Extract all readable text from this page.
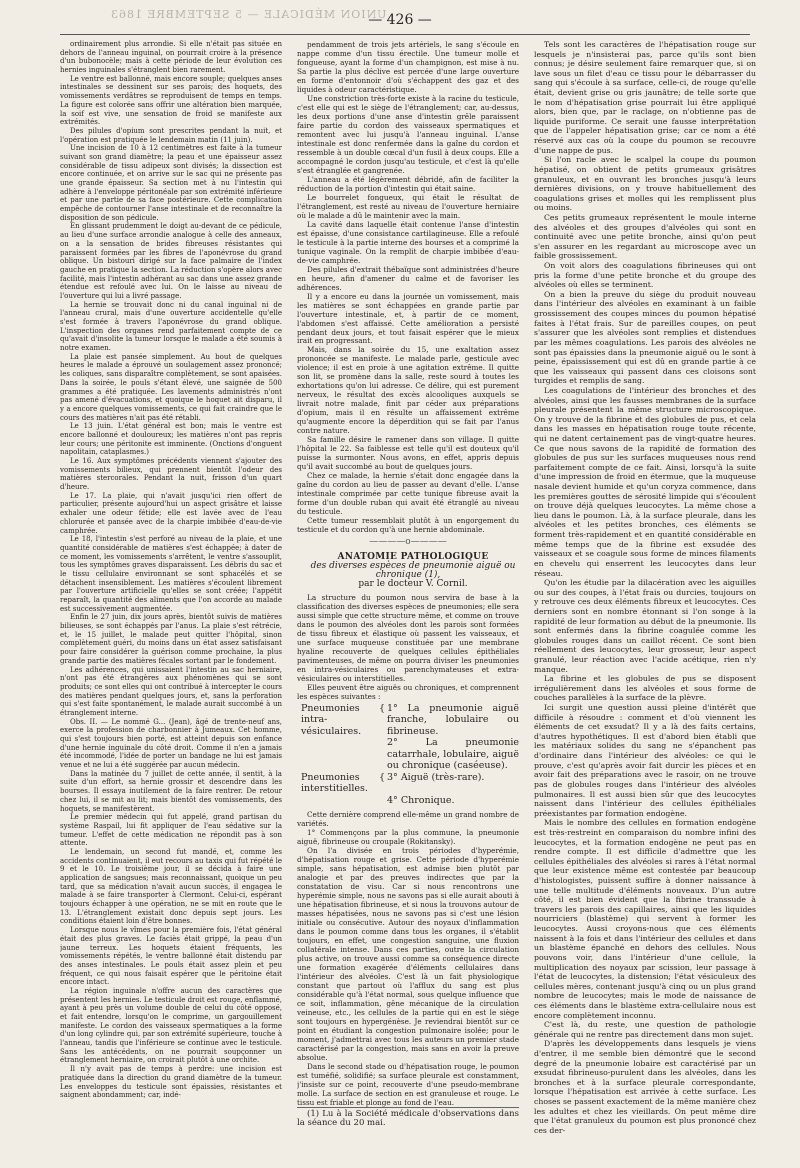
UNION MÉDICALE — 5 SEPTEMBRE 1863
— 426 —

ordinairement plus arrondie. Si elle n'était pas située en dehors de l'anneau inguinal, on pourrait croire à la présence d'un bubonocèle; mais à cette période de leur évolution ces hernies inguinales s'étranglent bien rarement.

Le ventre est ballonné, mais encore souple; quelques anses intestinales se dessinent sur ses parois; des hoquets, des vomissements verdâtres se reproduisent de temps en temps. La figure est colorée sans offrir une altération bien marquée, la soif est vive, une sensation de froid se manifeste aux extrémités.

Des pilules d'opium sont prescrites pendant la nuit, et l'opération est pratiquée le lendemain matin (11 juin).

Une incision de 10 à 12 centimètres est faite à la tumeur suivant son grand diamètre; la peau et une épaisseur assez considérable de tissu adipeux sont divisés; la dissection est encore continuée, et on arrive sur le sac qui ne présente pas une grande épaisseur. Sa section met à nu l'intestin qui adhère à l'enveloppe péritonéale par son extrémité inférieure et par une partie de sa face postérieure. Cette complication empêche de contourner l'anse intestinale et de reconnaître la disposition de son pédicule.

En glissant prudemment le doigt au-devant de ce pédicule, au lieu d'une surface arrondie analogue à celle des anneaux, on a la sensation de brides fibreuses résistantes qui paraissent formées par les fibres de l'aponévrose du grand oblique. Un bistouri dirigé sur la face palmaire de l'index gauche en pratique la section. La réduction s'opère alors avec facilité, mais l'intestin adhérant au sac dans une assez grande étendue est refoulé avec lui. On le laisse au niveau de l'ouverture qui lui a livré passage.

La hernie se trouvait donc ni du canal inguinal ni de l'anneau crural, mais d'une ouverture accidentelle qu'elle s'est formée à travers l'aponévrose du grand oblique. L'inspection des organes rend parfaitement compte de ce qu'avait d'insolite la tumeur lorsque le malade a été soumis à notre examen.

La plaie est pansée simplement. Au bout de quelques heures le malade a éprouvé un soulagement assez prononcé; les coliques, sans disparaître complètement, se sont apaisées. Dans la soirée, le pouls s'étant élevé, une saignée de 500 grammes a été pratiquée. Les lavements administrés n'ont pas amené d'évacuations, et quoique le hoquet ait disparu, il y a encore quelques vomissements, ce qui fait craindre que le cours des matières n'ait pas été rétabli.

Le 13 juin. L'état général est bon; mais le ventre est encore ballonné et douloureux; les matières n'ont pas repris leur cours; une péritonite est imminente. (Onctions d'onguent napolitain, cataplasmes.)

Le 16. Aux symptômes précédents viennent s'ajouter des vomissements bilieux, qui prennent bientôt l'odeur des matières stercorales. Pendant la nuit, frisson d'un quart d'heure.

Le 17. La plaie, qui n'avait jusqu'ici rien offert de particulier, présente aujourd'hui un aspect grisâtre et laisse exhaler une odeur fétide; elle est lavée avec de l'eau chlorurée et pansée avec de la charpie imbibée d'eau-de-vie camphrée.

Le 18, l'intestin s'est perforé au niveau de la plaie, et une quantité considérable de matières s'est échappée; à dater de ce moment, les vomissements s'arrêtent, le ventre s'assouplit, tous les symptômes graves disparaissent. Les débris du sac et le tissu cellulaire environnant se sont sphacélés et se détachent insensiblement. Les matières s'écoulent librement par l'ouverture artificielle qu'elles se sont créée; l'appétit reparaît, la quantité des aliments que l'on accorde au malade est successivement augmentée.

Enfin le 27 juin, dix jours après, bientôt suivis de matières bilieuses, se sont échappés par l'anus. La plaie s'est rétrécie, et, le 15 juillet, le malade peut quitter l'hôpital, sinon complètement guéri, du moins dans un état assez satisfaisant pour faire considérer la guérison comme prochaine, la plus grande partie des matières fécales sortant par le fondement.

Les adhérences, qui unissaient l'intestin au sac herniaire, n'ont pas été étrangères aux phénomènes qui se sont produits; ce sont elles qui ont contribué à intercepter le cours des matières pendant quelques jours, et, sans la perforation qui s'est faite spontanément, le malade aurait succombé à un étranglement interne.

Obs. II. — Le nommé G... (Jean), âgé de trente-neuf ans, exerce la profession de charbonnier à Jumeaux. Cet homme, qui s'est toujours bien porté, est atteint depuis son enfance d'une hernie inguinale du côté droit. Comme il n'en a jamais été incommodé, l'idée de porter un bandage ne lui est jamais venue et ne lui a été suggérée par aucun médecin.

Dans la matinée du 7 juillet de cette année, il sentit, à la suite d'un effort, sa hernie grossir et descendre dans les bourses. Il essaya inutilement de la faire rentrer. De retour chez lui, il se mit au lit; mais bientôt des vomissements, des hoquets, se manifestèrent.

Le premier médecin qui fut appelé, grand partisan du système Raspail, lui fit appliquer de l'eau sédative sur la tumeur. L'effet de cette médication ne répondit pas à son attente.

Le lendemain, un second fut mandé, et, comme les accidents continuaient, il eut recours au taxis qui fut répété le 9 et le 10. Le troisième jour, il se décida à faire une application de sangsues; mais reconnaissant, quoique un peu tard, que sa médication n'avait aucun succès, il engagea le malade à se faire transporter à Clermont. Celui-ci, espérant toujours échapper à une opération, ne se mit en route que le 13. L'étranglement existait donc depuis sept jours. Les conditions étaient loin d'être bonnes.

Lorsque nous le vîmes pour la première fois, l'état général était des plus graves. Le faciès était grippé, la peau d'un jaune terreux. Les hoquets étaient fréquents, les vomissements répétés, le ventre ballonné était distendu par des anses intestinales. Le pouls était assez plein et peu fréquent, ce qui nous faisait espérer que le péritoine était encore intact.

La région inguinale n'offre aucun des caractères que présentent les hernies. Le testicule droit est rouge, enflammé, ayant à peu près un volume double de celui du côté opposé, et fait entendre, lorsqu'on le comprime, un gargouillement manifeste. Le cordon des vaisseaux spermatiques a la forme d'un long cylindre qui, par son extrémité supérieure, touche à l'anneau, tandis que l'inférieure se continue avec le testicule. Sans les antécédents, on ne pourrait soupçonner un étranglement herniaire, on croirait plutôt à une orchite.

Il n'y avait pas de temps à perdre: une incision est pratiquée dans la direction du grand diamètre de la tumeur. Les enveloppes du testicule sont épaissies, résistantes et saignent abondamment; car, indé-

pendamment de trois jets artériels, le sang s'écoule en nappe comme d'un tissu érectile. Une tumeur molle et fongueuse, ayant la forme d'un champignon, est mise à nu. Sa partie la plus déclive est percée d'une large ouverture en forme d'entonnoir d'où s'échappent des gaz et des liquides à odeur caractéristique.

Une constriction très-forte existe à la racine du testicule, c'est elle qui est le siège de l'étranglement; car, au-dessus, les deux portions d'une anse d'intestin grêle paraissent faire partie du cordon des vaisseaux spermatiques et remontent avec lui jusqu'à l'anneau inguinal. L'anse intestinale est donc renfermée dans la gaîne du cordon et ressemble à un double cœcal d'un fusil à deux coups. Elle a accompagné le cordon jusqu'au testicule, et c'est là qu'elle s'est étranglée et gangrenée.

L'anneau a été légèrement débridé, afin de faciliter la réduction de la portion d'intestin qui était saine.

Le bourrelet fongueux, qui était le résultat de l'étranglement, est resté au niveau de l'ouverture herniaire où le malade a dû le maintenir avec la main.

La cavité dans laquelle était contenue l'anse d'intestin est épaisse, d'une consistance cartilagineuse. Elle a refoulé le testicule à la partie interne des bourses et a comprimé la tunique vaginale. On la remplit de charpie imbibée d'eau-de-vie camphrée.

Des pilules d'extrait thébaïque sont administrées d'heure en heure, afin d'amener du calme et de favoriser les adhérences.

Il y a encore eu dans la journée un vomissement, mais les matières se sont échappées en grande partie par l'ouverture intestinale, et, à partir de ce moment, l'abdomen s'est affaissé. Cette amélioration a persisté pendant deux jours, et tout faisait espérer que le mieux irait en progressant.

Mais, dans la soirée du 15, une exaltation assez prononcée se manifeste. Le malade parle, gesticule avec violence; il est en proie à une agitation extrême. Il quitte son lit, se promène dans la salle, reste sourd à toutes les exhortations qu'on lui adresse. Ce délire, qui est purement nerveux, le résultat des excès alcooliques auxquels se livrait notre malade, finit par céder aux préparations d'opium, mais il en résulte un affaissement extrême qu'augmente encore la déperdition qui se fait par l'anus contre nature.

Sa famille désire le ramener dans son village. Il quitte l'hôpital le 22. Sa faiblesse est telle qu'il est douteux qu'il puisse la surmonter. Nous avons, en effet, appris depuis qu'il avait succombé au bout de quelques jours.

Chez ce malade, la hernie s'était donc engagée dans la gaîne du cordon au lieu de passer au devant d'elle. L'anse intestinale comprimée par cette tunique fibreuse avait la forme d'un double ruban qui avait été étranglé au niveau du testicule.

Cette tumeur ressemblait plutôt à un engorgement du testicule et du cordon qu'à une hernie abdominale.

————o————

ANATOMIE PATHOLOGIQUE

des diverses espèces de pneumonie aiguë ou chronique (1),

par le docteur V. Cornil.

La structure du poumon nous servira de base à la classification des diverses espèces de pneumonies; elle sera aussi simple que cette structure même, et comme on trouve dans le poumon des alvéoles dont les parois sont formées de tissu fibreux et élastique où passent les vaisseaux, et une surface muqueuse constituée par une membrane hyaline recouverte de quelques cellules épithéliales pavimenteuses, de même on pourra diviser les pneumonies en intra-vésiculaires ou parenchymateuses et extra-vésiculaires ou interstitielles.

Elles peuvent être aiguës ou chroniques, et comprennent les espèces suivantes :

Pneumonies intra-vésiculaires.
{ 1° La pneumonie aiguë franche, lobulaire ou fibrineuse.
2° La pneumonie catarrhale, lobulaire, aiguë ou chronique (caséeuse).
Pneumonies interstitielles.
{ 3° Aiguë (très-rare).
4° Chronique.

Cette dernière comprend elle-même un grand nombre de variétés.

1° Commençons par la plus commune, la pneumonie aiguë, fibrineuse ou croupale (Rokitansky).

On l'a divisée en trois périodes d'hyperémie, d'hépatisation rouge et grise. Cette période d'hyperémie simple, sans hépatisation, est admise bien plutôt par analogie et par des preuves indirectes que par la constatation de visu. Car si nous rencontrons une hyperémie simple, nous ne savons pas si elle aurait abouti à une hépatisation fibrineuse, et si nous la trouvons autour de masses hépatisées, nous ne savons pas si c'est une lésion initiale ou consécutive. Autour des noyaux d'inflammation dans le poumon comme dans tous les organes, il s'établit toujours, en effet, une congestion sanguine, une fluxion collatérale intense. Dans ces parties, outre la circulation plus active, on trouve aussi comme sa conséquence directe une formation exagérée d'éléments cellulaires dans l'intérieur des alvéoles. C'est là un fait physiologique constant que partout où l'afflux du sang est plus considérable qu'à l'état normal, sous quelque influence que ce soit, inflammation, gêne mécanique de la circulation veineuse, etc., les cellules de la partie qui en est le siège sont toujours en hypergénèse. Je reviendrai bientôt sur ce point en étudiant la congestion pulmonaire isolée; pour le moment, j'admettrai avec tous les auteurs un premier stade caractérisé par la congestion, mais sans en avoir la preuve absolue.

Dans le second stade ou d'hépatisation rouge, le poumon est tuméfié, solidifié; sa surface pleurale est constamment, j'insiste sur ce point, recouverte d'une pseudo-membrane molle. La surface de section en est granuleuse et rouge. Le tissu est friable et plonge au fond de l'eau.

(1) Lu à la Société médicale d'observations dans la séance du 20 mai.

Tels sont les caractères de l'hépatisation rouge sur lesquels je n'insisterai pas, parce qu'ils sont bien connus; je désire seulement faire remarquer que, si on lave sous un filet d'eau ce tissu pour le débarrasser du sang qui s'écoule à sa surface, celle-ci, de rouge qu'elle était, devient grise ou gris jaunâtre; de telle sorte que le nom d'hépatisation grise pourrait lui être appliqué alors, bien que, par le raclage, on n'obtienne pas de liquide puriforme. Ce serait une fausse interprétation que de l'appeler hépatisation grise; car ce nom a été réservé aux cas où la coupe du poumon se recouvre d'une nappe de pus.

Si l'on racle avec le scalpel la coupe du poumon hépatisé, on obtient de petits grumeaux grisâtres granuleux, et en ouvrant les bronches jusqu'à leurs dernières divisions, on y trouve habituellement des coagulations grises et molles qui les remplissent plus ou moins.

Ces petits grumeaux représentent le moule interne des alvéoles et des groupes d'alvéoles qui sont en continuité avec une petite bronche, ainsi qu'on peut s'en assurer en les regardant au microscope avec un faible grossissement.

On voit alors des coagulations fibrineuses qui ont pris la forme d'une petite bronche et du groupe des alvéoles où elles se terminent.

On a bien la preuve du siège du produit nouveau dans l'intérieur des alvéoles en examinant à un faible grossissement des coupes minces du poumon hépatisé faites à l'état frais. Sur de pareilles coupes, on peut s'assurer que les alvéoles sont remplies et distendues par les mêmes coagulations. Les parois des alvéoles ne sont pas épaissies dans la pneumonie aiguë ou le sont à peine, épaississement qui est dû en grande partie à ce que les vaisseaux qui passent dans ces cloisons sont turgides et remplis de sang.

Les coagulations de l'intérieur des bronches et des alvéoles, ainsi que les fausses membranes de la surface pleurale présentent la même structure microscopique. On y trouve de la fibrine et des globules de pus, et cela dans les masses en hépatisation rouge toute récente, qui ne datent certainement pas de vingt-quatre heures. Ce que nous savons de la rapidité de formation des globules de pus sur les surfaces muqueuses nous rend parfaitement compte de ce fait. Ainsi, lorsqu'à la suite d'une impression de froid en étermue, que la muqueuse nasale devient humide et qu'un coryza commence, dans les premières gouttes de sérosité limpide qui s'écoulent on trouve déjà quelques leucocytes. La même chose a lieu dans le poumon. Là, à la surface pleurale, dans les alvéoles et les petites bronches, ces éléments se forment très-rapidement et en quantité considérable en même temps que de la fibrine est exsudée des vaisseaux et se coagule sous forme de minces filaments en chevelu qui enserrent les leucocytes dans leur réseau.

Qu'on les étudie par la dilacération avec les aiguilles ou sur des coupes, à l'état frais ou durcies, toujours on y retrouve ces deux éléments fibreux et leucocytes. Ces derniers sont en nombre étonnant si l'on songe à la rapidité de leur formation au début de la pneumonie. Ils sont enfermés dans la fibrine coagulée comme les globules rouges dans un caillot récent. Ce sont bien réellement des leucocytes, leur grosseur, leur aspect granulé, leur réaction avec l'acide acétique, rien n'y manque.

La fibrine et les globules de pus se disposent irrégulièrement dans les alvéoles et sous forme de couches parallèles à la surface de la plèvre.

Ici surgit une question aussi pleine d'intérêt que difficile à résoudre : comment et d'où viennent les éléments de cet exsudat? Il y a là des faits certains, d'autres hypothétiques. Il est d'abord bien établi que les matériaux solides du sang ne s'épanchent pas d'ordinaire dans l'intérieur des alvéoles: ce qui le prouve, c'est qu'après avoir fait durcir les pièces et en avoir fait des préparations avec le rasoir, on ne trouve pas de globules rouges dans l'intérieur des alvéoles pulmonaires. Il est aussi bien sûr que des leucocytes naissent dans l'intérieur des cellules épithéliales préexistantes par formation endogène.

Mais le nombre des cellules en formation endogène est très-restreint en comparaison du nombre infini des leucocytes, et la formation endogène ne peut pas en rendre compte. Il est difficile d'admettre que les cellules épithéliales des alvéoles si rares à l'état normal que leur existence même est contestée par beaucoup d'histologistes, puissent suffire à donner naissance à une telle multitude d'éléments nouveaux. D'un autre côté, il est bien évident que la fibrine transsude à travers les parois des capillaires, ainsi que les liquides nourriciers (blastème) qui servent à former les leucocytes. Aussi croyons-nous que ces éléments naissent à la fois et dans l'intérieur des cellules et dans un blastème épanché en dehors des cellules. Nous pouvons voir, dans l'intérieur d'une cellule, la multiplication des noyaux par scission, leur passage à l'état de leucocytes, la distension; l'état vésiculeux des cellules mères, contenant jusqu'à cinq ou un plus grand nombre de leucocytes; mais le mode de naissance de ces éléments dans le blastème extra-cellulaire nous est encore complètement inconnu.

C'est là, du reste, une question de pathologie générale qui ne rentre pas directement dans mon sujet.

D'après les développements dans lesquels je viens d'entrer, il me semble bien démontré que le second degré de la pneumonie lobaire est caractérisé par un exsudat fibrineuso-purulent dans les alvéoles, dans les bronches et à la surface pleurale correspondante, lorsque l'hépatisation est arrivée à cette surface. Les choses se passent exactement de la même manière chez les adultes et chez les vieillards. On peut même dire que l'état granuleux du poumon est plus prononcé chez ces der-
